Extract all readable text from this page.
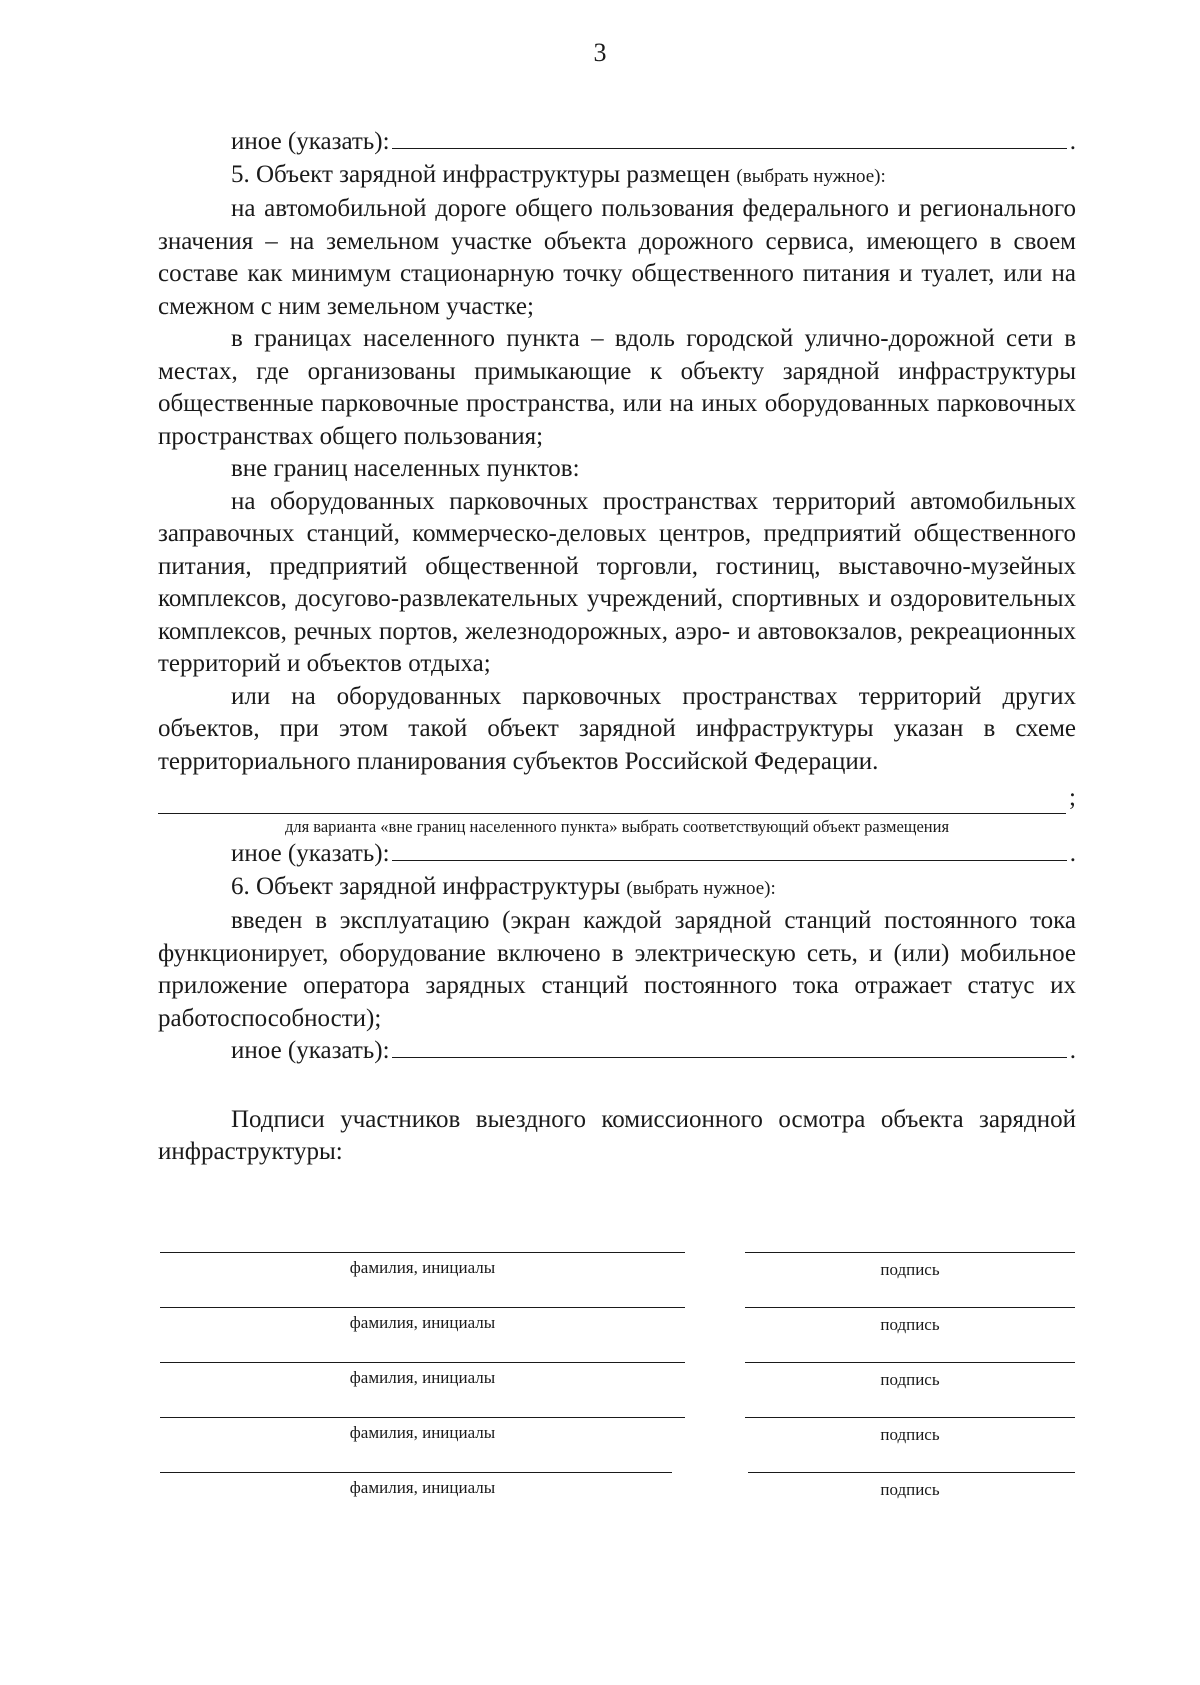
3
иное (указать):	.

5. Объект зарядной инфраструктуры размещен (выбрать нужное):

на автомобильной дороге общего пользования федерального и регионального значения – на земельном участке объекта дорожного сервиса, имеющего в своем составе как минимум стационарную точку общественного питания и туалет, или на смежном с ним земельном участке;

в границах населенного пункта – вдоль городской улично-дорожной сети в местах, где организованы примыкающие к объекту зарядной инфраструктуры общественные парковочные пространства, или на иных оборудованных парковочных пространствах общего пользования;

вне границ населенных пунктов:

на оборудованных парковочных пространствах территорий автомобильных заправочных станций, коммерческо-деловых центров, предприятий общественного питания, предприятий общественной торговли, гостиниц, выставочно-музейных комплексов, досугово-развлекательных учреждений, спортивных и оздоровительных комплексов, речных портов, железнодорожных, аэро- и автовокзалов, рекреационных территорий и объектов отдыха;

или на оборудованных парковочных пространствах территорий других объектов, при этом такой объект зарядной инфраструктуры указан в схеме территориального планирования субъектов Российской Федерации.

;

для варианта «вне границ населенного пункта» выбрать соответствующий объект размещения

иное (указать):	.

6. Объект зарядной инфраструктуры (выбрать нужное):

введен в эксплуатацию (экран каждой зарядной станций постоянного тока функционирует, оборудование включено в электрическую сеть, и (или) мобильное приложение оператора зарядных станций постоянного тока отражает статус их работоспособности);

иное (указать):	.

Подписи участников выездного комиссионного осмотра объекта зарядной инфраструктуры:

фамилия, инициалы	подпись
фамилия, инициалы	подпись
фамилия, инициалы	подпись
фамилия, инициалы	подпись
фамилия, инициалы	подпись
